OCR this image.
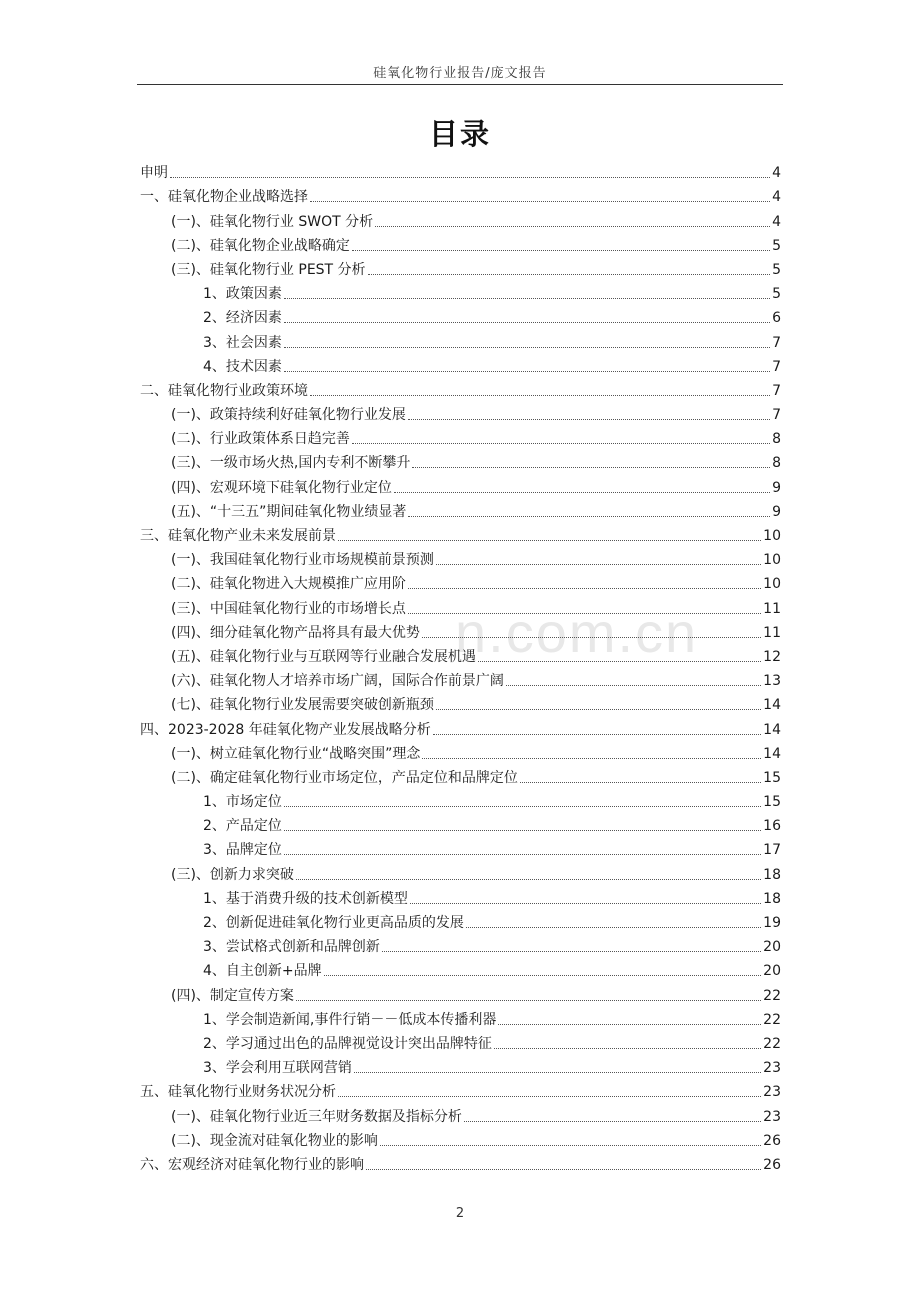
硅氧化物行业报告/庞文报告
目录
n.com.cn
申明	4
一、硅氧化物企业战略选择	4
(一)、硅氧化物行业 SWOT 分析	4
(二)、硅氧化物企业战略确定	5
(三)、硅氧化物行业 PEST 分析	5
1、政策因素	5
2、经济因素	6
3、社会因素	7
4、技术因素	7
二、硅氧化物行业政策环境	7
(一)、政策持续利好硅氧化物行业发展	7
(二)、行业政策体系日趋完善	8
(三)、一级市场火热,国内专利不断攀升	8
(四)、宏观环境下硅氧化物行业定位	9
(五)、“十三五”期间硅氧化物业绩显著	9
三、硅氧化物产业未来发展前景	10
(一)、我国硅氧化物行业市场规模前景预测	10
(二)、硅氧化物进入大规模推广应用阶	10
(三)、中国硅氧化物行业的市场增长点	11
(四)、细分硅氧化物产品将具有最大优势	11
(五)、硅氧化物行业与互联网等行业融合发展机遇	12
(六)、硅氧化物人才培养市场广阔，国际合作前景广阔	13
(七)、硅氧化物行业发展需要突破创新瓶颈	14
四、2023-2028 年硅氧化物产业发展战略分析	14
(一)、树立硅氧化物行业“战略突围”理念	14
(二)、确定硅氧化物行业市场定位，产品定位和品牌定位	15
1、市场定位	15
2、产品定位	16
3、品牌定位	17
(三)、创新力求突破	18
1、基于消费升级的技术创新模型	18
2、创新促进硅氧化物行业更高品质的发展	19
3、尝试格式创新和品牌创新	20
4、自主创新+品牌	20
(四)、制定宣传方案	22
1、学会制造新闻,事件行销－－低成本传播利器	22
2、学习通过出色的品牌视觉设计突出品牌特征	22
3、学会利用互联网营销	23
五、硅氧化物行业财务状况分析	23
(一)、硅氧化物行业近三年财务数据及指标分析	23
(二)、现金流对硅氧化物业的影响	26
六、宏观经济对硅氧化物行业的影响	26
2
